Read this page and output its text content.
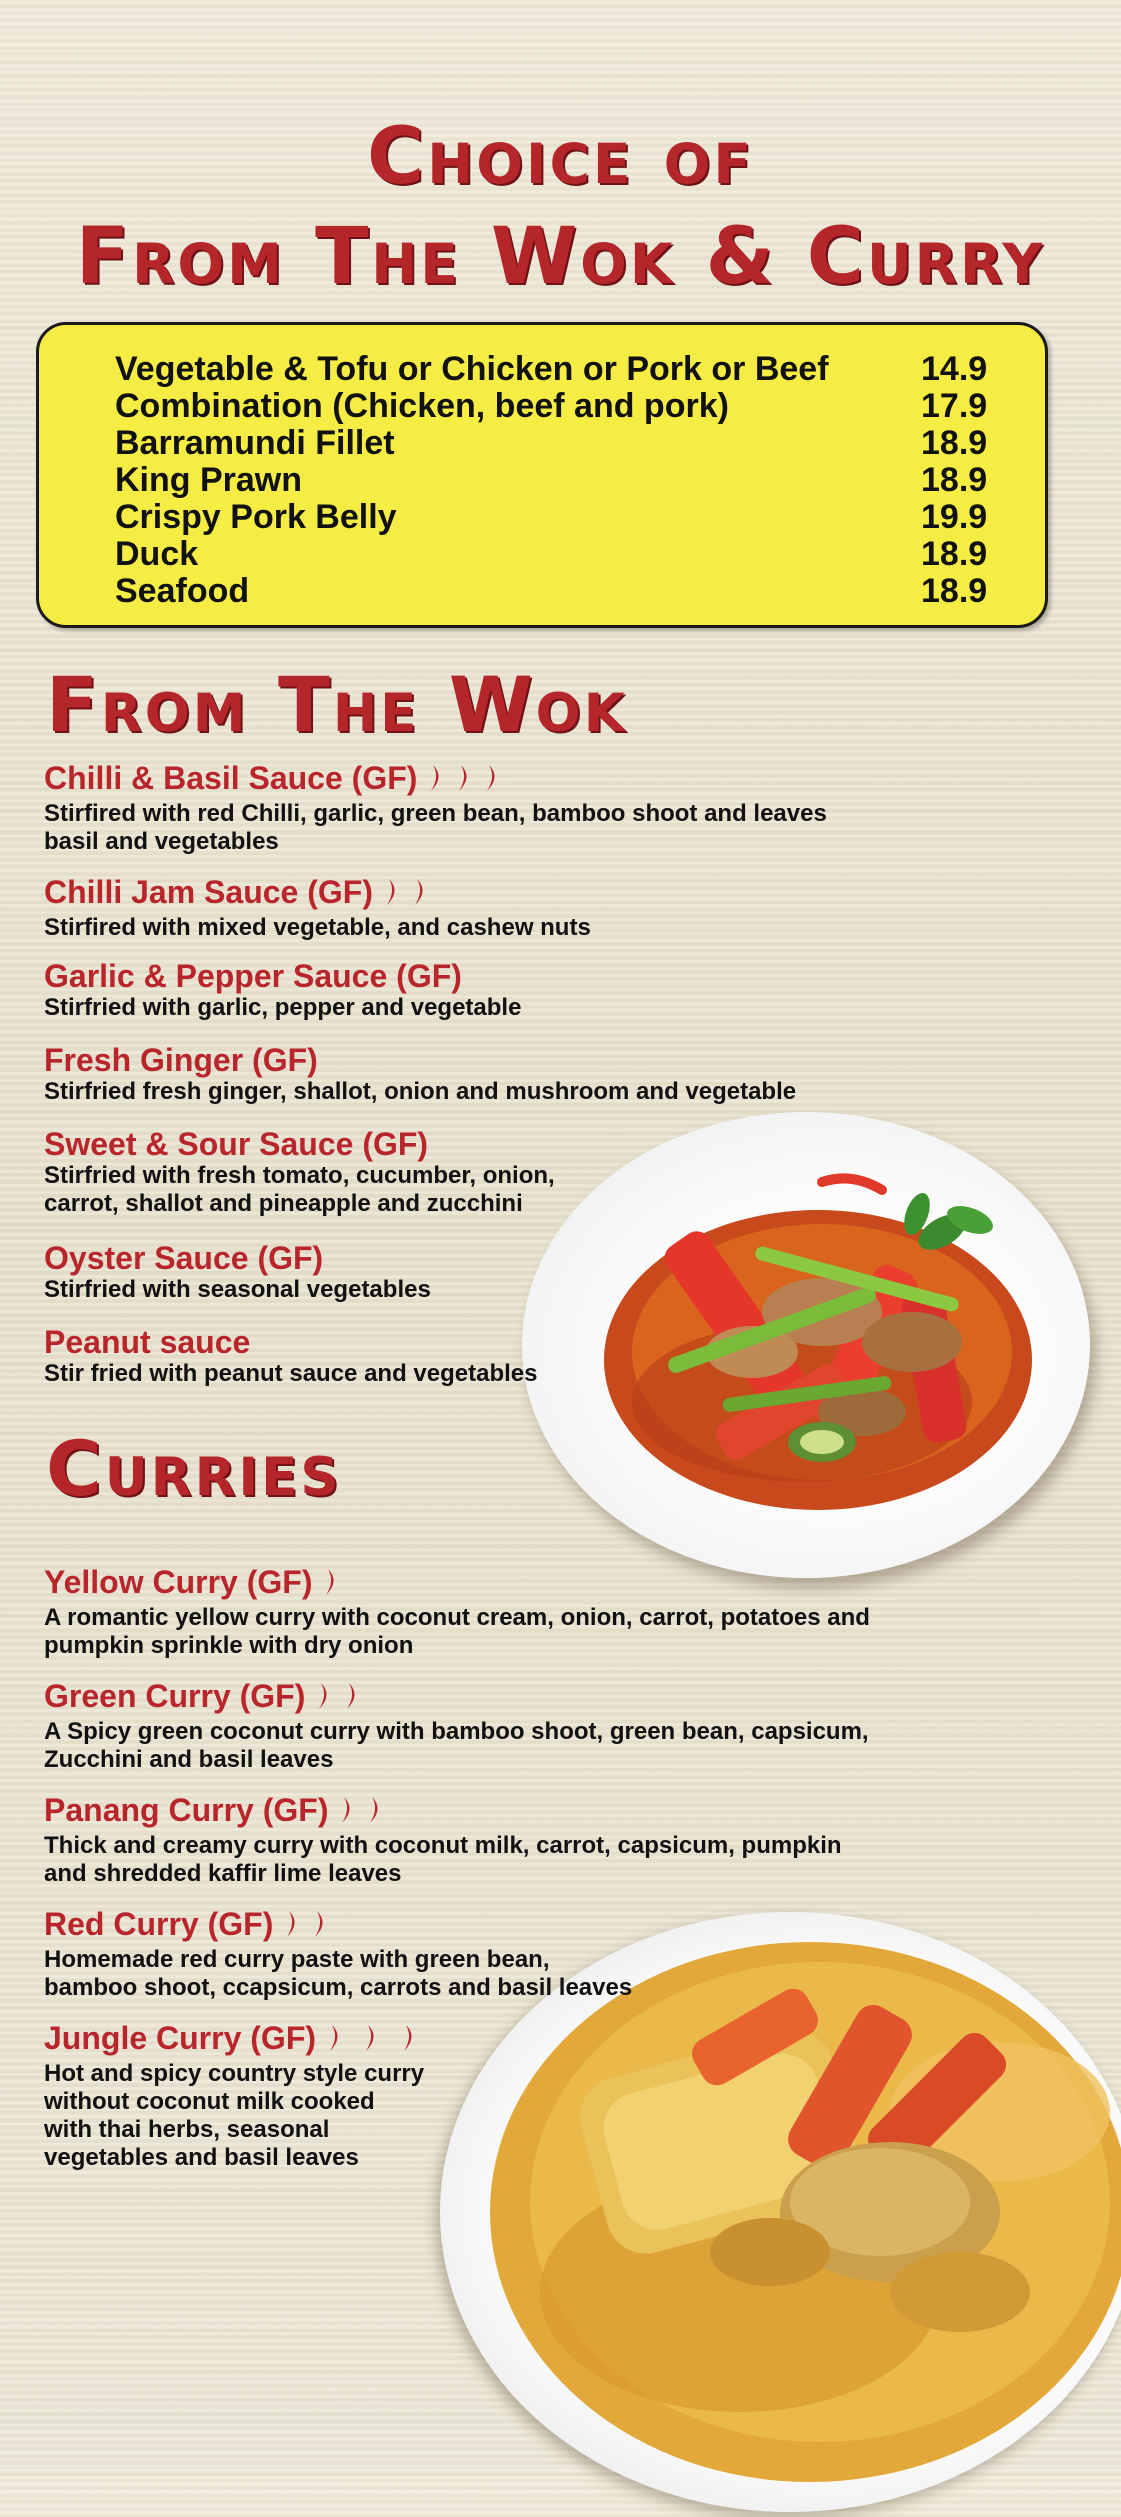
Choice of
From The Wok & Curry
Vegetable & Tofu or Chicken or Pork or Beef	14.9
Combination (Chicken, beef and pork)	17.9
Barramundi Fillet	18.9
King Prawn	18.9
Crispy Pork Belly	19.9
Duck	18.9
Seafood	18.9
From The Wok
Chilli & Basil Sauce (GF)
Stirfired with red Chilli, garlic, green bean, bamboo shoot and leaves
basil and vegetables
Chilli Jam Sauce (GF)
Stirfired with mixed vegetable, and cashew nuts
Garlic & Pepper Sauce (GF)
Stirfried with garlic, pepper and vegetable
Fresh Ginger (GF)
Stirfried fresh ginger, shallot, onion and mushroom and vegetable
Sweet & Sour Sauce (GF)
Stirfried with fresh tomato, cucumber, onion,
carrot, shallot and pineapple and zucchini
Oyster Sauce (GF)
Stirfried with seasonal vegetables
Peanut sauce
Stir fried with peanut sauce and vegetables
Curries
Yellow Curry (GF)
A romantic yellow curry with coconut cream, onion, carrot, potatoes and
pumpkin sprinkle with dry onion
Green Curry (GF)
A Spicy green coconut curry with bamboo shoot, green bean, capsicum,
Zucchini and basil leaves
Panang Curry (GF)
Thick and creamy curry with coconut milk, carrot, capsicum, pumpkin
and shredded kaffir lime leaves
Red Curry (GF)
Homemade red curry paste with green bean,
bamboo shoot, ccapsicum, carrots and basil leaves
Jungle Curry (GF)
Hot and spicy country style curry
without coconut milk cooked
with thai herbs, seasonal
vegetables and basil leaves
